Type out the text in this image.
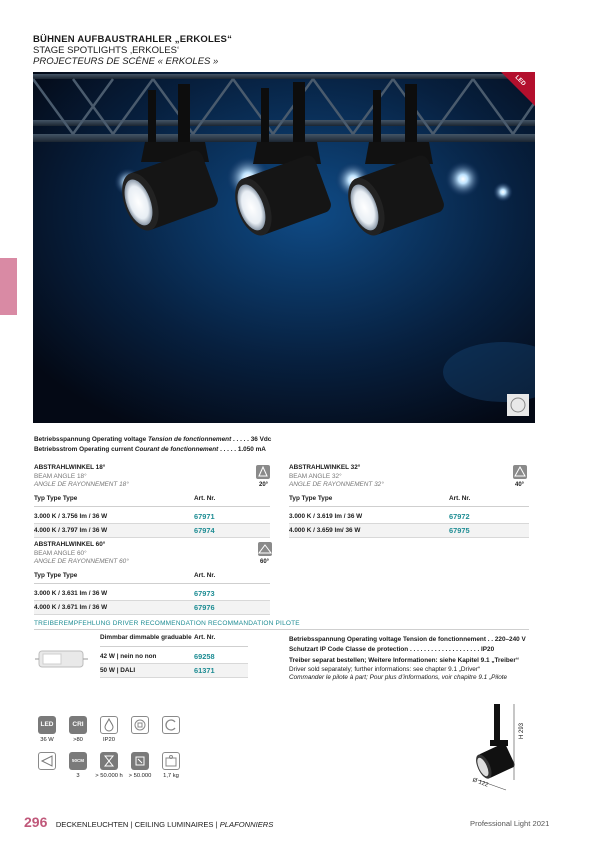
BÜHNEN AUFBAUSTRAHLER „ERKOLES“
STAGE SPOTLIGHTS ‚ERKOLES‘
PROJECTEURS DE SCÈNE « ERKOLES »
LED
Betriebsspannung Operating voltage Tension de fonctionnement . . . . . 36 Vdc
Betriebsstrom Operating current Courant de fonctionnement . . . . . 1.050 mA
ABSTRAHLWINKEL 18°
BEAM ANGLE 18°
ANGLE DE RAYONNEMENT 18°	20°
Typ Type Type	Art. Nr.
3.000 K / 3.756 lm / 36 W	67971
4.000 K / 3.797 lm / 36 W	67974
ABSTRAHLWINKEL 32°
BEAM ANGLE 32°
ANGLE DE RAYONNEMENT 32°	40°
Typ Type Type	Art. Nr.
3.000 K / 3.619 lm / 36 W	67972
4.000 K / 3.659 lm/ 36 W	67975
ABSTRAHLWINKEL 60°
BEAM ANGLE 60°
ANGLE DE RAYONNEMENT 60°	60°
Typ Type Type	Art. Nr.
3.000 K / 3.631 lm / 36 W	67973
4.000 K / 3.671 lm / 36 W	67976
TREIBEREMPFEHLUNG DRIVER RECOMMENDATION RECOMMANDATION PILOTE
Dimmbar dimmable graduable Art. Nr.
42 W | nein no non	69258
50 W | DALI	61371
Betriebsspannung Operating voltage Tension de fonctionnement . . 220–240 V
Schutzart IP Code Classe de protection . . . . . . . . . . . . . . . . . . . . IP20
Treiber separat bestellen; Weitere Informationen: siehe Kapitel 9.1 „Treiber“
Driver sold separately; further informations: see chapter 9.1 „Driver“
Commander le pilote à part; Pour plus d’informations, voir chapitre 9.1 „Pilote
LED
36 W
CRI
>80	IP20
50CM
3	> 50.000 h	> 50.000	1,7 kg
H 293
Ø 122
296 DECKENLEUCHTEN | CEILING LUMINAIRES | PLAFONNIERS	Professional Light 2021
